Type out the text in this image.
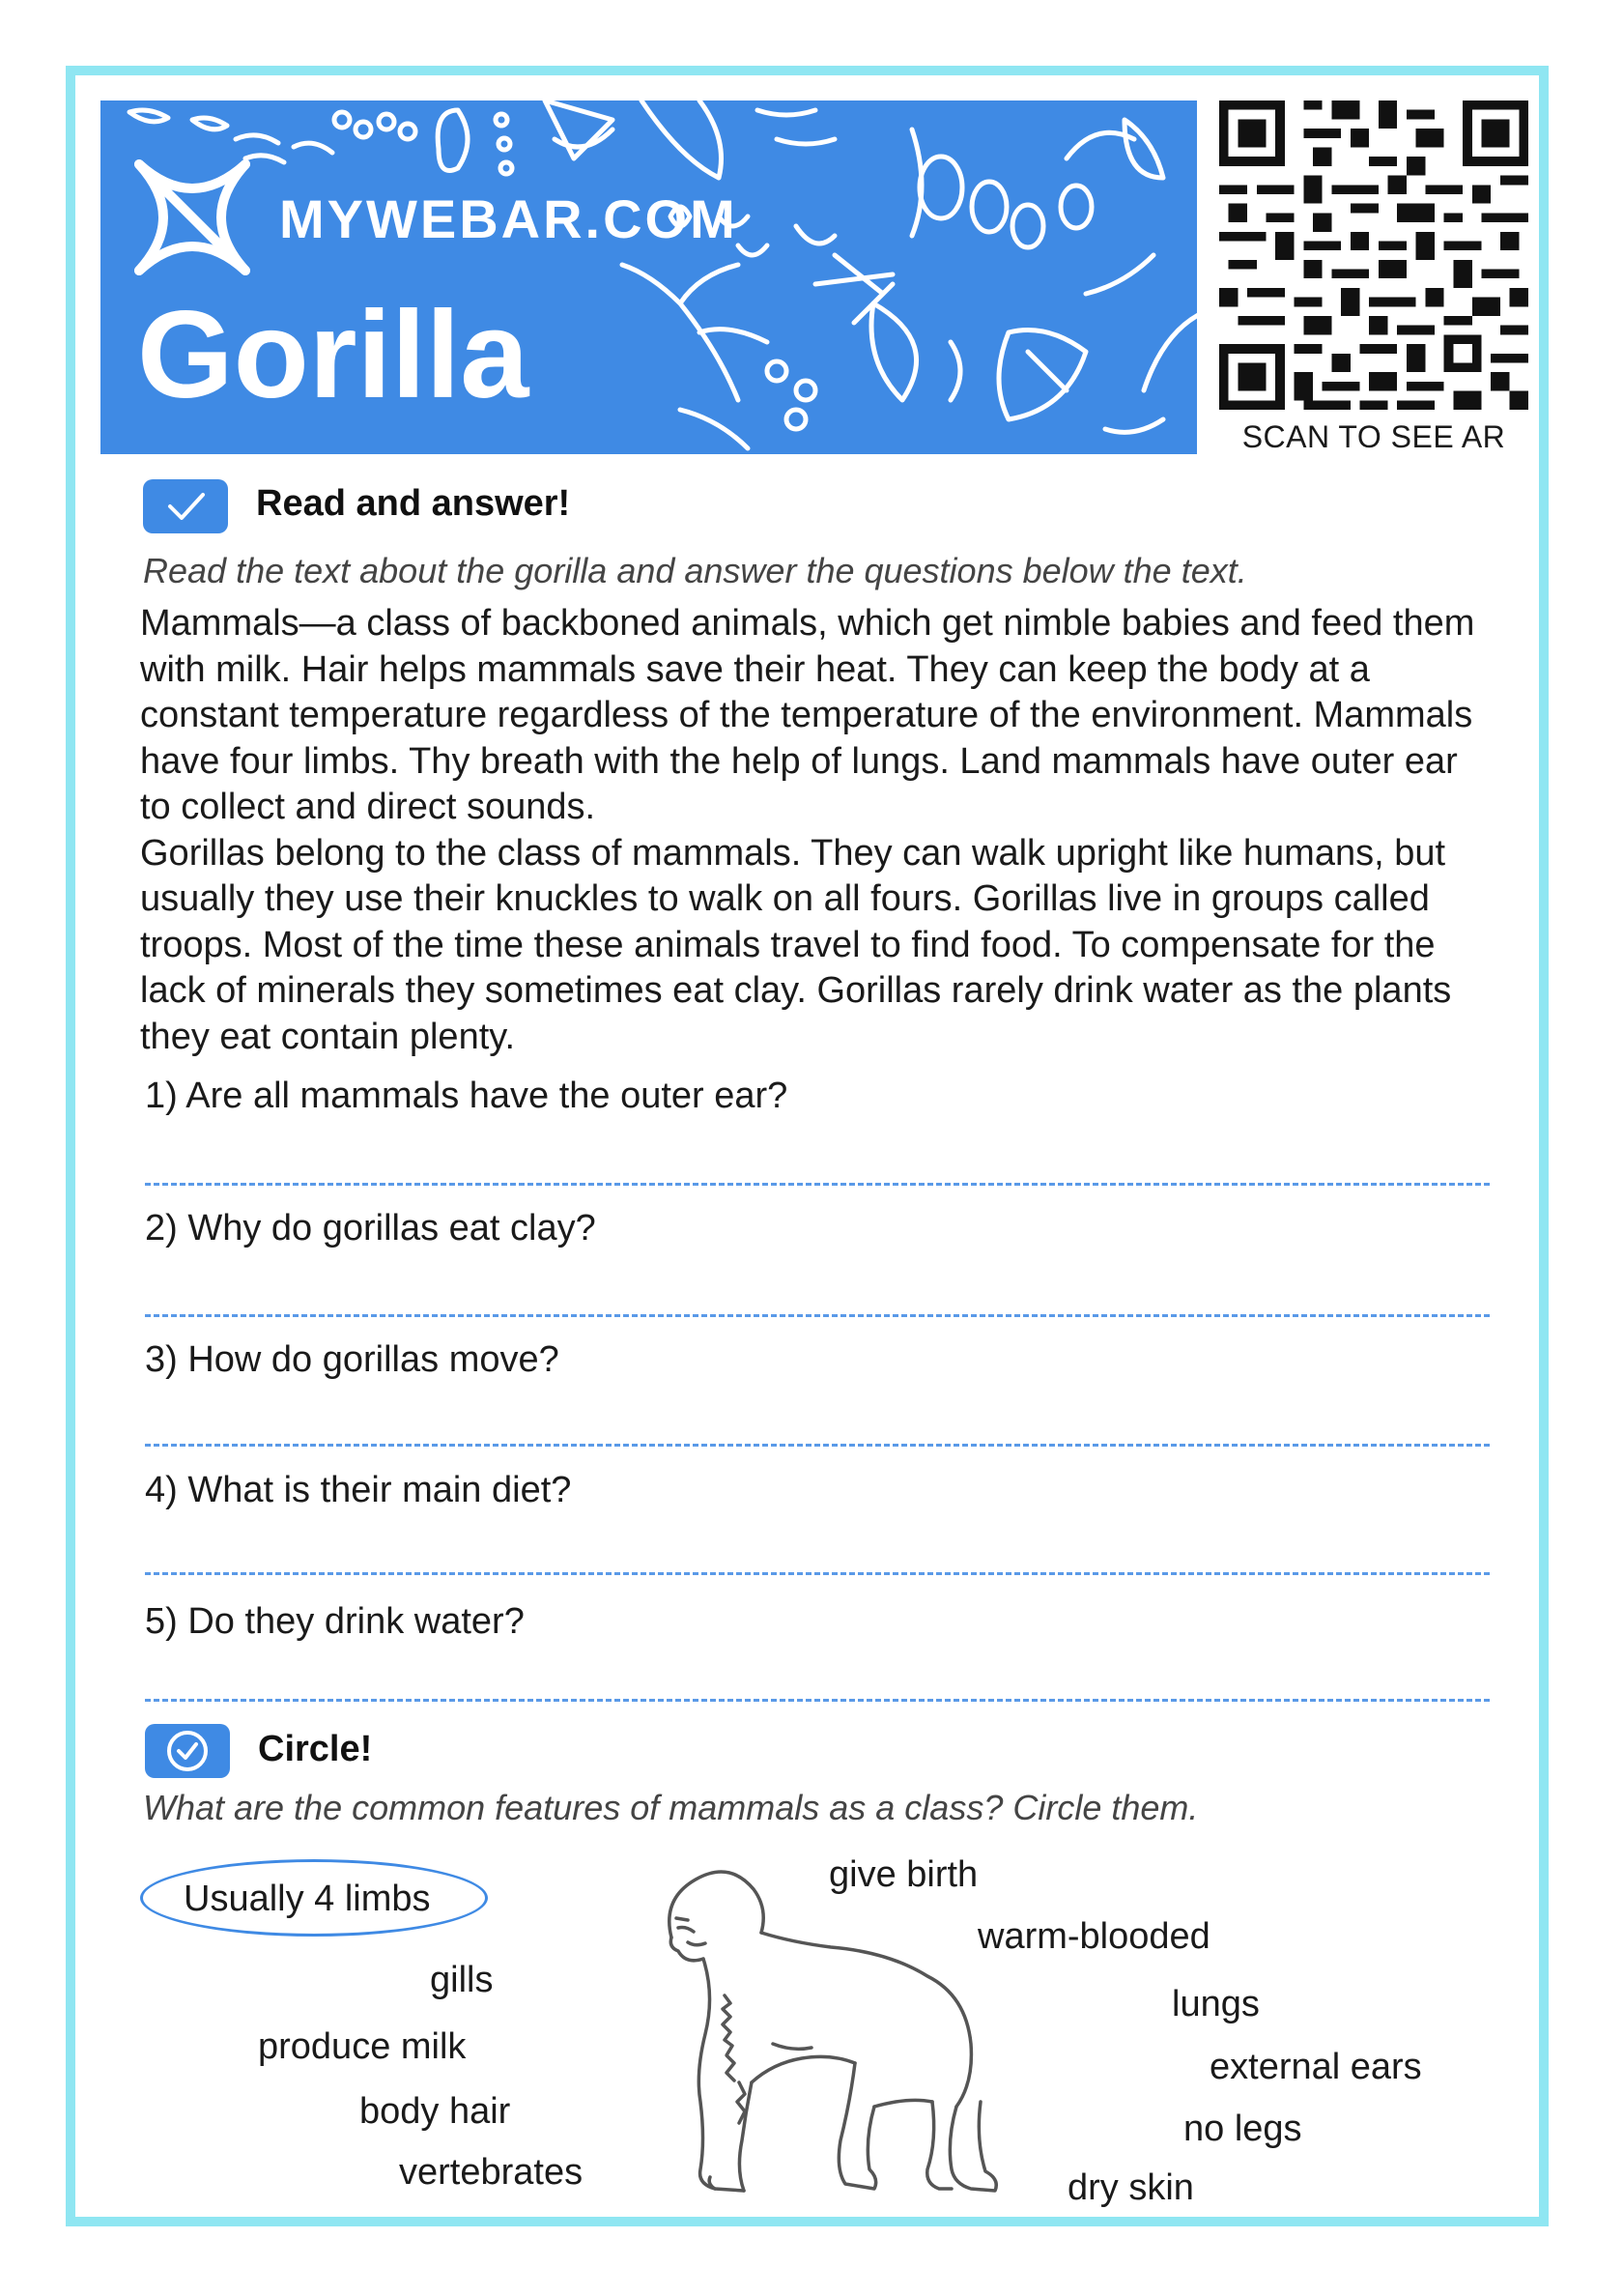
MYWEBAR.COM
Gorilla
SCAN TO SEE AR
Read and answer!
Read the text about the gorilla and answer the questions below the text.

Mammals—a class of backboned animals, which get nimble babies and feed them with milk. Hair helps mammals save their heat. They can keep the body at a constant temperature regardless of the temperature of the environment. Mammals have four limbs. Thy breath with the help of lungs. Land mammals have outer ear to collect and direct sounds.

Gorillas belong to the class of mammals. They can walk upright like humans, but usually they use their knuckles to walk on all fours. Gorillas live in groups called troops. Most of the time these animals travel to find food. To compensate for the lack of minerals they sometimes eat clay. Gorillas rarely drink water as the plants they eat contain plenty.

1) Are all mammals have the outer ear?
2) Why do gorillas eat clay?
3) How do gorillas move?
4) What is their main diet?
5) Do they drink water?
Circle!
What are the common features of mammals as a class? Circle them.
Usually 4 limbs
gills
produce milk
body hair
vertebrates
give birth
warm-blooded
lungs
external ears
no legs
dry skin
